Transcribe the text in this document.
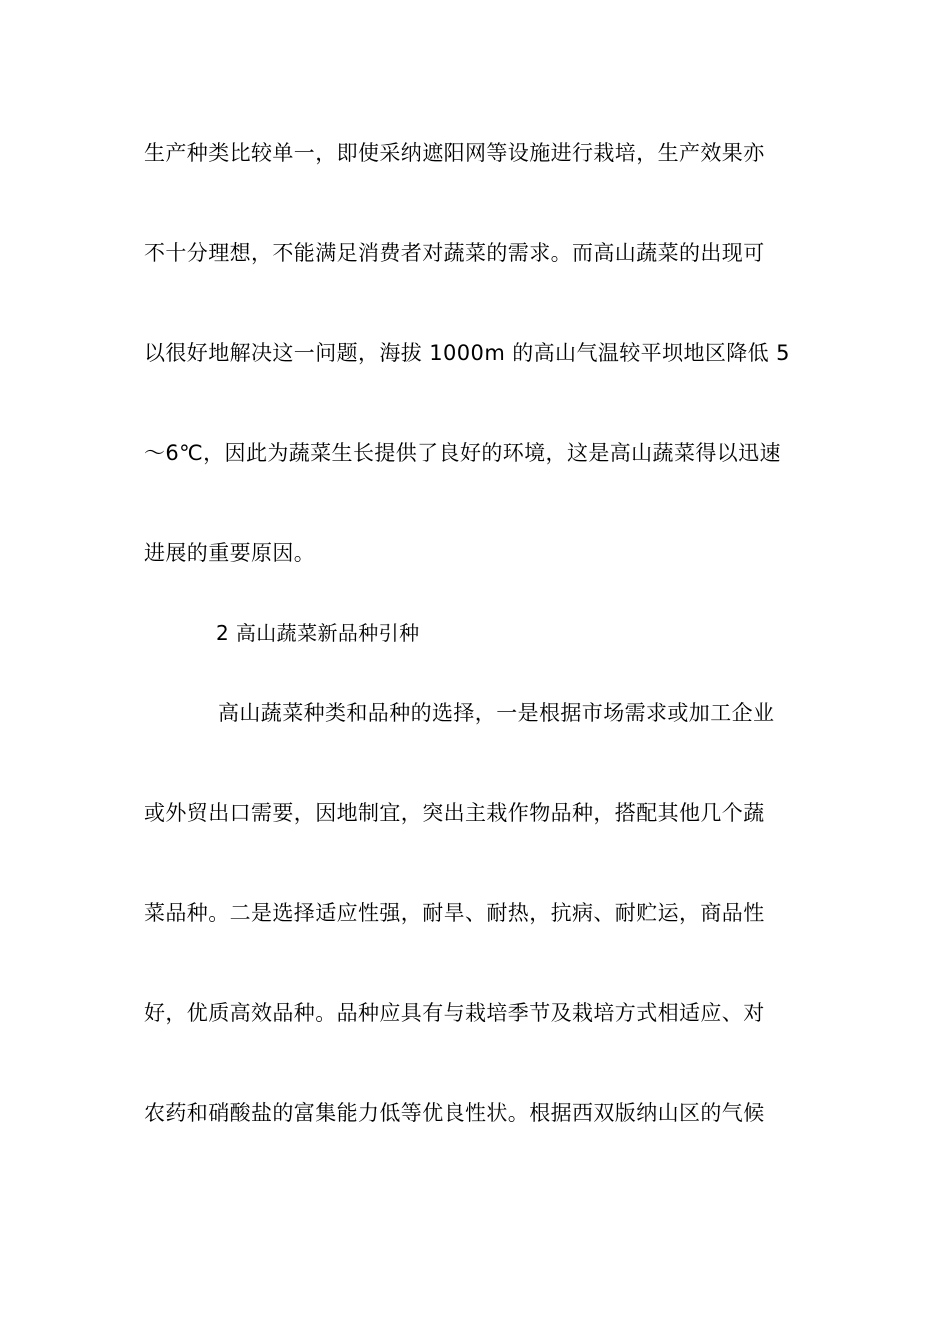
生产种类比较单一，即使采纳遮阳网等设施进行栽培，生产效果亦
不十分理想，不能满足消费者对蔬菜的需求。而高山蔬菜的出现可
以很好地解决这一问题，海拔 1000m 的高山气温较平坝地区降低 5
～6℃，因此为蔬菜生长提供了良好的环境，这是高山蔬菜得以迅速
进展的重要原因。
2 高山蔬菜新品种引种
高山蔬菜种类和品种的选择，一是根据市场需求或加工企业
或外贸出口需要，因地制宜，突出主栽作物品种，搭配其他几个蔬
菜品种。二是选择适应性强，耐旱、耐热，抗病、耐贮运，商品性
好，优质高效品种。品种应具有与栽培季节及栽培方式相适应、对
农药和硝酸盐的富集能力低等优良性状。根据西双版纳山区的气候
